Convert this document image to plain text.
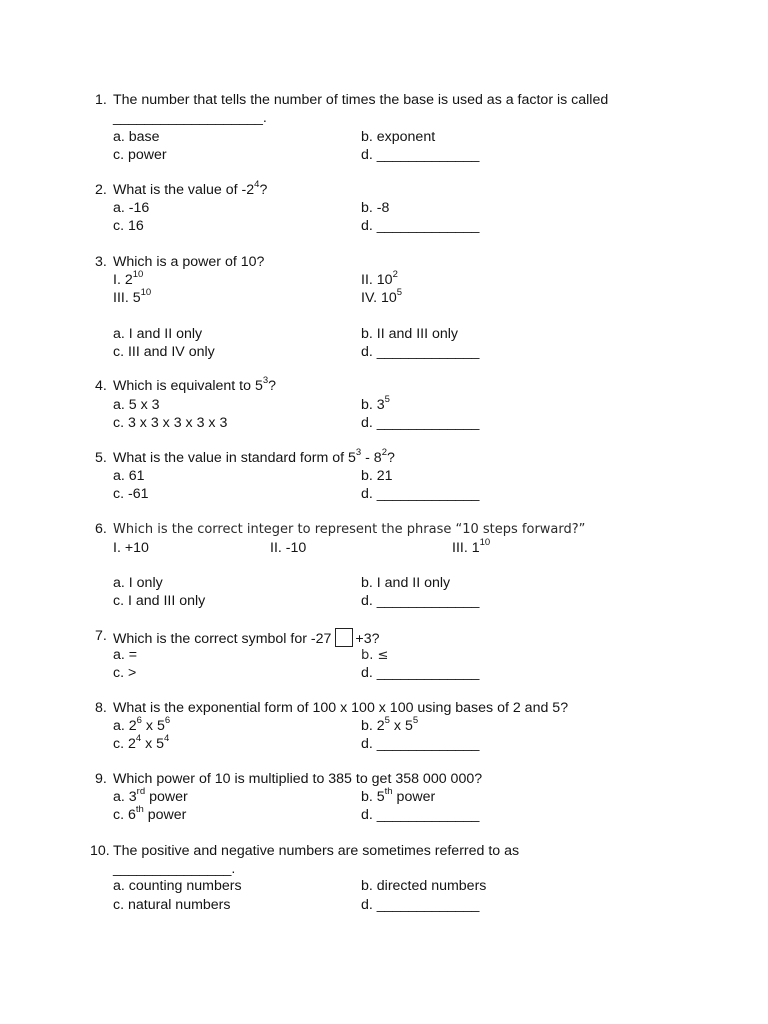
1. The number that tells the number of times the base is used as a factor is called
___________________.
a. base	b. exponent
c. power	d. _____________
2. What is the value of $-2^4$?
a. -16	b. -8
c. 16	d. _____________
3. Which is a power of 10?
I. $2^{10}$	II. $10^2$
III. $5^{10}$	IV. $10^5$
a. I and II only	b. II and III only
c. III and IV only	d. _____________
4. Which is equivalent to $5^3$?
a. 5 x 3	b. $3^5$
c. 3 x 3 x 3 x 3 x 3	d. _____________
5. What is the value in standard form of $5^3 - 8^2$?
a. 61	b. 21
c. -61	d. _____________
6. Which is the correct integer to represent the phrase “10 steps forward?”
I. +10	II. -10	III. $1^{10}$
a. I only	b. I and II only
c. I and III only	d. _____________
7. Which is the correct symbol for -27 +3?
a. =	b. ≤
c. >	d. _____________
8. What is the exponential form of 100 x 100 x 100 using bases of 2 and 5?
a. $2^6$ x $5^6$	b. $2^5$ x $5^5$
c. $2^4$ x $5^4$	d. _____________
9. Which power of 10 is multiplied to 385 to get 358 000 000?
a. 3rd power	b. 5th power
c. 6th power	d. _____________
10. The positive and negative numbers are sometimes referred to as
_______________.
a. counting numbers	b. directed numbers
c. natural numbers	d. _____________
